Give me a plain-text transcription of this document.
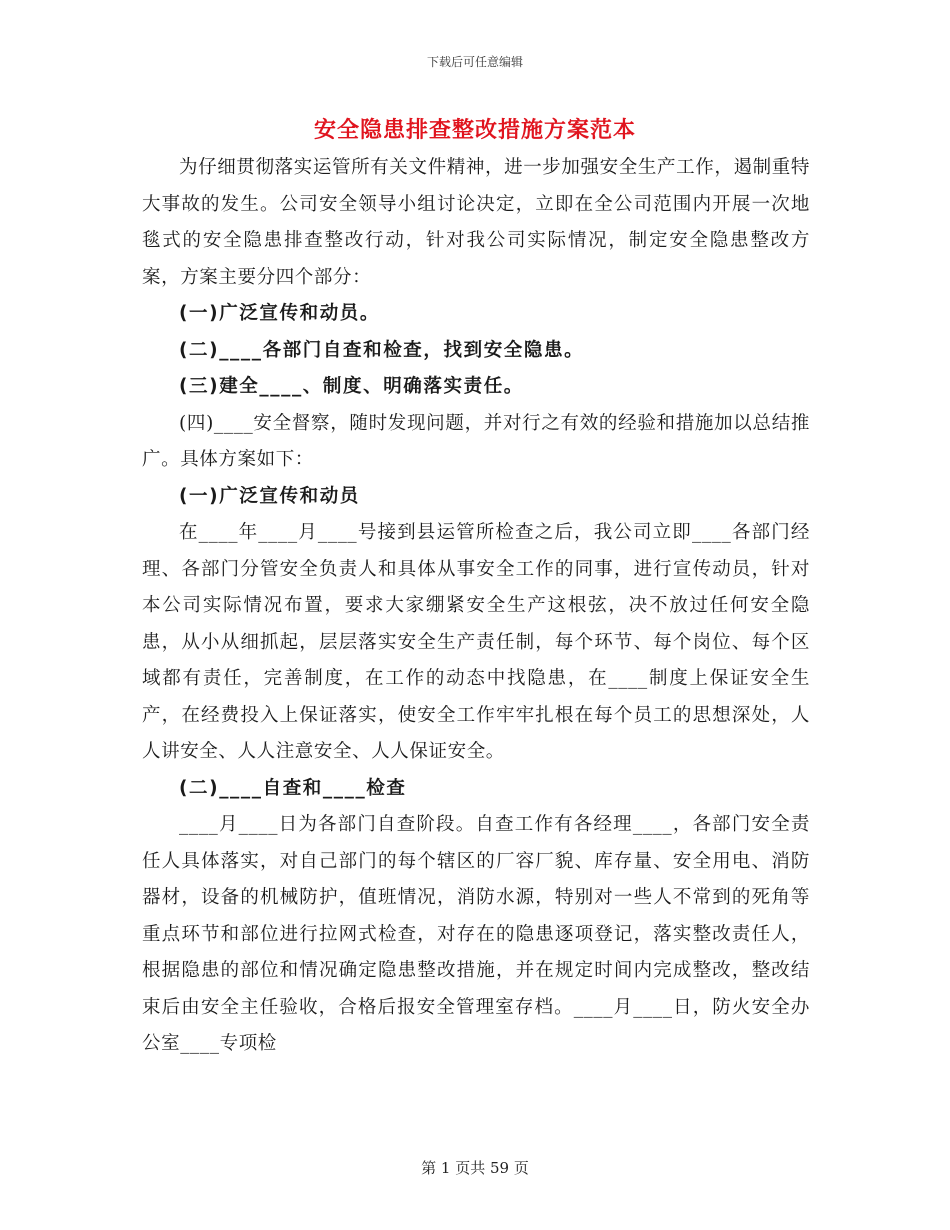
下载后可任意编辑
安全隐患排查整改措施方案范本

为仔细贯彻落实运管所有关文件精神，进一步加强安全生产工作，遏制重特大事故的发生。公司安全领导小组讨论决定，立即在全公司范围内开展一次地毯式的安全隐患排查整改行动，针对我公司实际情况，制定安全隐患整改方案，方案主要分四个部分：

(一)广泛宣传和动员。

(二)____各部门自查和检查，找到安全隐患。

(三)建全____、制度、明确落实责任。

(四)____安全督察，随时发现问题，并对行之有效的经验和措施加以总结推广。具体方案如下：

(一)广泛宣传和动员

在____年____月____号接到县运管所检查之后，我公司立即____各部门经理、各部门分管安全负责人和具体从事安全工作的同事，进行宣传动员，针对本公司实际情况布置，要求大家绷紧安全生产这根弦，决不放过任何安全隐患，从小从细抓起，层层落实安全生产责任制，每个环节、每个岗位、每个区域都有责任，完善制度，在工作的动态中找隐患，在____制度上保证安全生产，在经费投入上保证落实，使安全工作牢牢扎根在每个员工的思想深处，人人讲安全、人人注意安全、人人保证安全。

(二)____自查和____检查

____月____日为各部门自查阶段。自查工作有各经理____，各部门安全责任人具体落实，对自己部门的每个辖区的厂容厂貌、库存量、安全用电、消防器材，设备的机械防护，值班情况，消防水源，特别对一些人不常到的死角等重点环节和部位进行拉网式检查，对存在的隐患逐项登记，落实整改责任人，根据隐患的部位和情况确定隐患整改措施，并在规定时间内完成整改，整改结束后由安全主任验收，合格后报安全管理室存档。____月____日，防火安全办公室____专项检

第 1 页共 59 页
